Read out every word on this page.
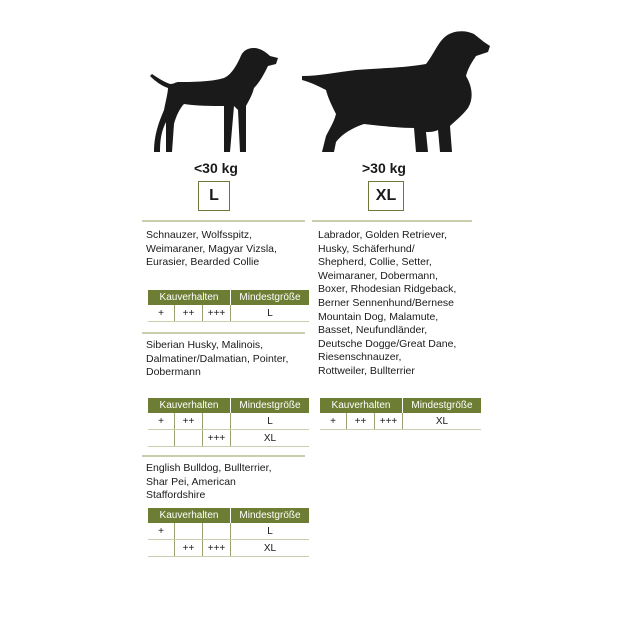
<30 kg
L
>30 kg
XL
Schnauzer, Wolfsspitz,
Weimaraner, Magyar Vizsla,
Eurasier, Bearded Collie
Kauverhalten			Mindestgröße
+	++	+++	L
Siberian Husky, Malinois,
Dalmatiner/Dalmatian, Pointer,
Dobermann
Kauverhalten			Mindestgröße
+	++		L
		+++	XL
English Bulldog, Bullterrier,
Shar Pei, American
Staffordshire
Kauverhalten			Mindestgröße
+			L
	++	+++	XL
Labrador, Golden Retriever,
Husky, Schäferhund/
Shepherd, Collie, Setter,
Weimaraner, Dobermann,
Boxer, Rhodesian Ridgeback,
Berner Sennenhund/Bernese
Mountain Dog, Malamute,
Basset, Neufundländer,
Deutsche Dogge/Great Dane,
Riesenschnauzer,
Rottweiler, Bullterrier
Kauverhalten			Mindestgröße
+	++	+++	XL
